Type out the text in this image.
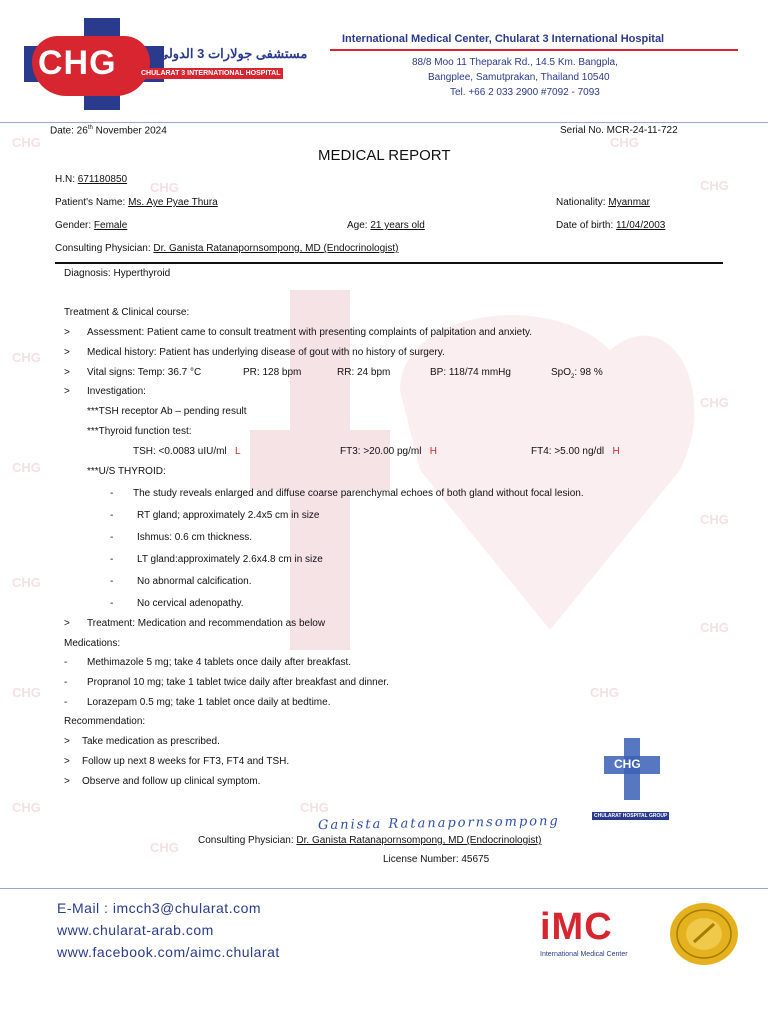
CHG
CHG
CHG
CHG
CHG
CHG
CHG
CHG
CHG
CHG
CHG	CHG
CHG
CHG
CHG
CHG	مستشفى جولارات 3 الدولي
CHULARAT 3 INTERNATIONAL HOSPITAL
International Medical Center, Chularat 3 International Hospital
88/8 Moo 11 Theparak Rd., 14.5 Km. Bangpla,
Bangplee, Samutprakan, Thailand 10540
Tel. +66 2 033 2900 #7092 - 7093
Date: 26th November 2024	Serial No. MCR-24-11-722
MEDICAL REPORT
H.N: 671180850
Patient's Name: Ms. Aye Pyae Thura	Nationality: Myanmar
Gender: Female	Age: 21 years old	Date of birth: 11/04/2003
Consulting Physician: Dr. Ganista Ratanapornsompong, MD (Endocrinologist)
Diagnosis: Hyperthyroid
Treatment & Clinical course:
> Assessment: Patient came to consult treatment with presenting complaints of palpitation and anxiety.
> Medical history: Patient has underlying disease of gout with no history of surgery.
> Vital signs: Temp: 36.7 °C	PR: 128 bpm	RR: 24 bpm	BP: 118/74 mmHg	SpO$_2$: 98 %
> Investigation:
***TSH receptor Ab – pending result
***Thyroid function test:
TSH: <0.0083 uIU/ml L	FT3: >20.00 pg/ml H	FT4: >5.00 ng/dl H
***U/S THYROID:
- The study reveals enlarged and diffuse coarse parenchymal echoes of both gland without focal lesion.
- RT gland; approximately 2.4x5 cm in size
- Ishmus: 0.6 cm thickness.
- LT gland:approximately 2.6x4.8 cm in size
- No abnormal calcification.
- No cervical adenopathy.
> Treatment: Medication and recommendation as below
Medications:
- Methimazole 5 mg; take 4 tablets once daily after breakfast.
- Propranol 10 mg; take 1 tablet twice daily after breakfast and dinner.
- Lorazepam 0.5 mg; take 1 tablet once daily at bedtime.
Recommendation:
> Take medication as prescribed.
> Follow up next 8 weeks for FT3, FT4 and TSH.
> Observe and follow up clinical symptom.
CHG
CHULARAT HOSPITAL GROUP
Ganista Ratanapornsompong
Consulting Physician: Dr. Ganista Ratanapornsompong, MD (Endocrinologist)
License Number: 45675
E-Mail : imcch3@chularat.com
www.chularat-arab.com
www.facebook.com/aimc.chularat
iMC
International Medical Center
